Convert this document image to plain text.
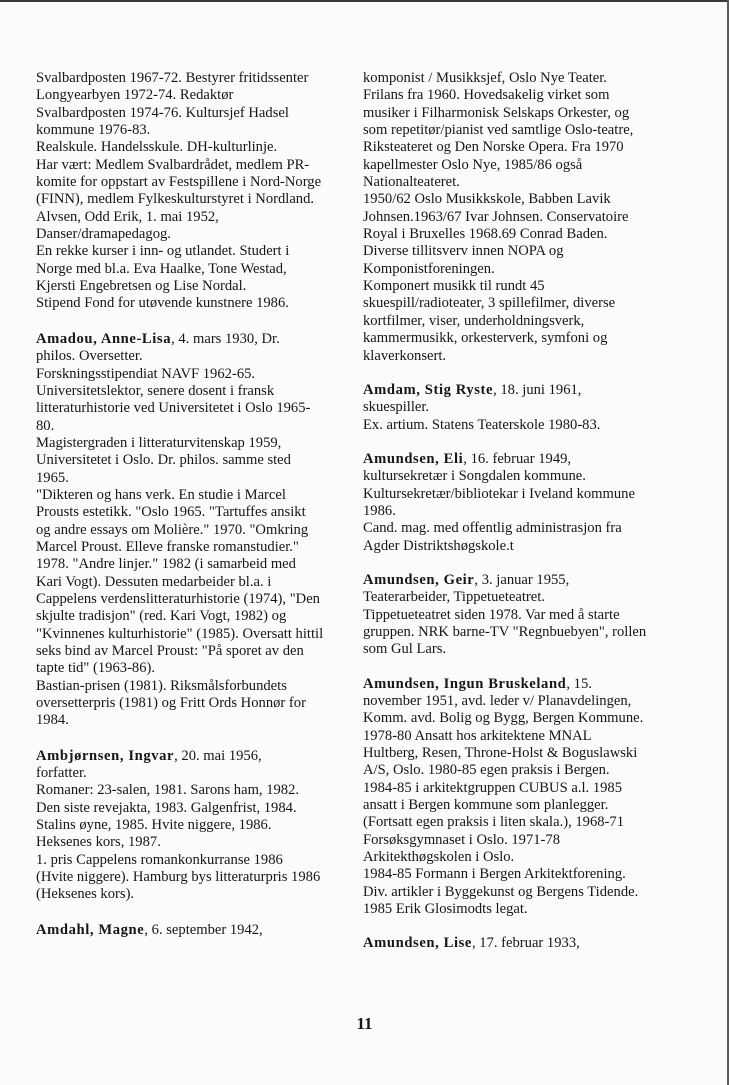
Svalbardposten 1967-72. Bestyrer fritidssenter
Longyearbyen 1972-74. Redaktør
Svalbardposten 1974-76. Kultursjef Hadsel
kommune 1976-83.
Realskule. Handelsskule. DH-kulturlinje.
Har vært: Medlem Svalbardrådet, medlem PR-
komite for oppstart av Festspillene i Nord-Norge
(FINN), medlem Fylkeskulturstyret i Nordland.
Alvsen, Odd Erik, 1. mai 1952,
Danser/dramapedagog.
En rekke kurser i inn- og utlandet. Studert i
Norge med bl.a. Eva Haalke, Tone Westad,
Kjersti Engebretsen og Lise Nordal.
Stipend Fond for utøvende kunstnere 1986.
Amadou, Anne-Lisa, 4. mars 1930, Dr.
philos. Oversetter.
Forskningsstipendiat NAVF 1962-65.
Universitetslektor, senere dosent i fransk
litteraturhistorie ved Universitetet i Oslo 1965-
80.
Magistergraden i litteraturvitenskap 1959,
Universitetet i Oslo. Dr. philos. samme sted
1965.
"Dikteren og hans verk. En studie i Marcel
Prousts estetikk. "Oslo 1965. "Tartuffes ansikt
og andre essays om Molière." 1970. "Omkring
Marcel Proust. Elleve franske romanstudier."
1978. "Andre linjer." 1982 (i samarbeid med
Kari Vogt). Dessuten medarbeider bl.a. i
Cappelens verdenslitteraturhistorie (1974), "Den
skjulte tradisjon" (red. Kari Vogt, 1982) og
"Kvinnenes kulturhistorie" (1985). Oversatt hittil
seks bind av Marcel Proust: "På sporet av den
tapte tid" (1963-86).
Bastian-prisen (1981). Riksmålsforbundets
oversetterpris (1981) og Fritt Ords Honnør for
1984.
Ambjørnsen, Ingvar, 20. mai 1956,
forfatter.
Romaner: 23-salen, 1981. Sarons ham, 1982.
Den siste revejakta, 1983. Galgenfrist, 1984.
Stalins øyne, 1985. Hvite niggere, 1986.
Heksenes kors, 1987.
1. pris Cappelens romankonkurranse 1986
(Hvite niggere). Hamburg bys litteraturpris 1986
(Heksenes kors).
Amdahl, Magne, 6. september 1942,
komponist / Musikksjef, Oslo Nye Teater.
Frilans fra 1960. Hovedsakelig virket som
musiker i Filharmonisk Selskaps Orkester, og
som repetitør/pianist ved samtlige Oslo-teatre,
Riksteateret og Den Norske Opera. Fra 1970
kapellmester Oslo Nye, 1985/86 også
Nationalteateret.
1950/62 Oslo Musikkskole, Babben Lavik
Johnsen.1963/67 Ivar Johnsen. Conservatoire
Royal i Bruxelles 1968.69 Conrad Baden.
Diverse tillitsverv innen NOPA og
Komponistforeningen.
Komponert musikk til rundt 45
skuespill/radioteater, 3 spillefilmer, diverse
kortfilmer, viser, underholdningsverk,
kammermusikk, orkesterverk, symfoni og
klaverkonsert.
Amdam, Stig Ryste, 18. juni 1961,
skuespiller.
Ex. artium. Statens Teaterskole 1980-83.
Amundsen, Eli, 16. februar 1949,
kultursekretær i Songdalen kommune.
Kultursekretær/bibliotekar i Iveland kommune
1986.
Cand. mag. med offentlig administrasjon fra
Agder Distriktshøgskole.t
Amundsen, Geir, 3. januar 1955,
Teaterarbeider, Tippetueteatret.
Tippetueteatret siden 1978. Var med å starte
gruppen. NRK barne-TV "Regnbuebyen", rollen
som Gul Lars.
Amundsen, Ingun Bruskeland, 15.
november 1951, avd. leder v/ Planavdelingen,
Komm. avd. Bolig og Bygg, Bergen Kommune.
1978-80 Ansatt hos arkitektene MNAL
Hultberg, Resen, Throne-Holst & Boguslawski
A/S, Oslo. 1980-85 egen praksis i Bergen.
1984-85 i arkitektgruppen CUBUS a.l. 1985
ansatt i Bergen kommune som planlegger.
(Fortsatt egen praksis i liten skala.), 1968-71
Forsøksgymnaset i Oslo. 1971-78
Arkitekthøgskolen i Oslo.
1984-85 Formann i Bergen Arkitektforening.
Div. artikler i Byggekunst og Bergens Tidende.
1985 Erik Glosimodts legat.
Amundsen, Lise, 17. februar 1933,
11
